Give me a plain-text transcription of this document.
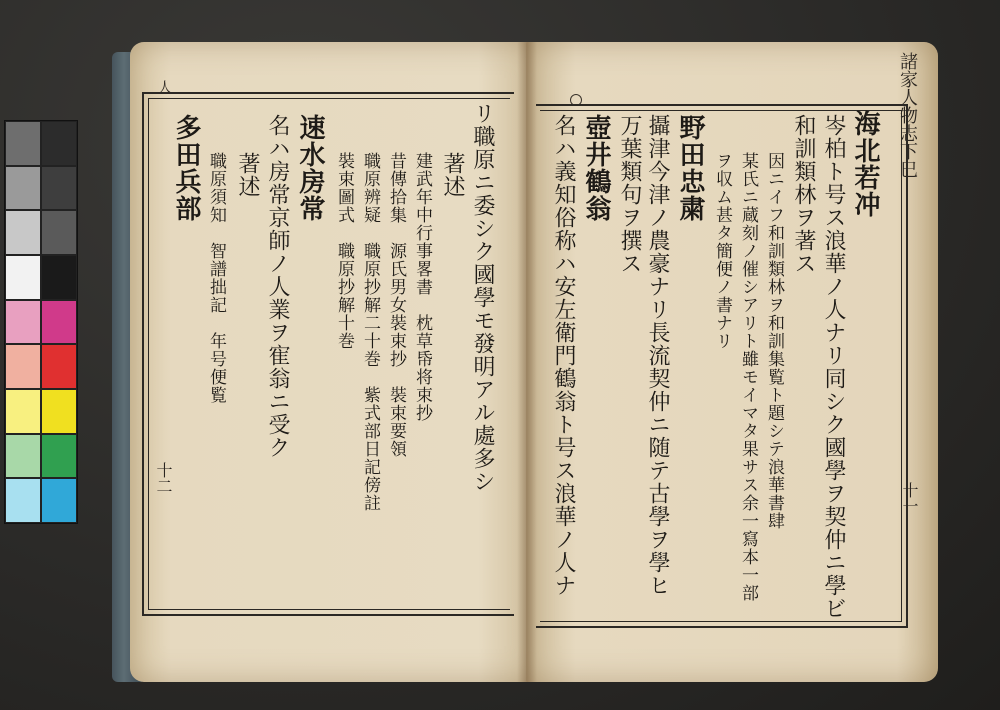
人	諸家人物志下巳
海北若冲
岑柏ト号ス浪華ノ人ナリ同シク國學ヲ契仲ニ學ビ
和訓類林ヲ著ス
因ニイフ和訓類林ヲ和訓集覧ト題シテ浪華書肆
某氏ニ蔵刻ノ催シアリト雖モイマタ果サス余一寫本一部
ヲ収ム甚タ簡便ノ書ナリ
野田忠粛
攝津今津ノ農豪ナリ長流契仲ニ随テ古學ヲ學ヒ
万葉類句ヲ撰ス
壺井鶴翁
名ハ義知俗称ハ安左衛門鶴翁ト号ス浪華ノ人ナ	十一
リ職原ニ委シク國學モ發明アル處多シ
著述
建武年中行事畧書　枕草帋将束抄
昔傳拾集　源氏男女裝束抄　裝束要領
職原辨疑　職原抄解二十巻　紫式部日記傍註
裝束圖式　職原抄解十巻
速水房常
名ハ房常京師ノ人業ヲ寉翁ニ受ク
著述
職原須知　智譜拙記　年号便覧
多田兵部
十二
